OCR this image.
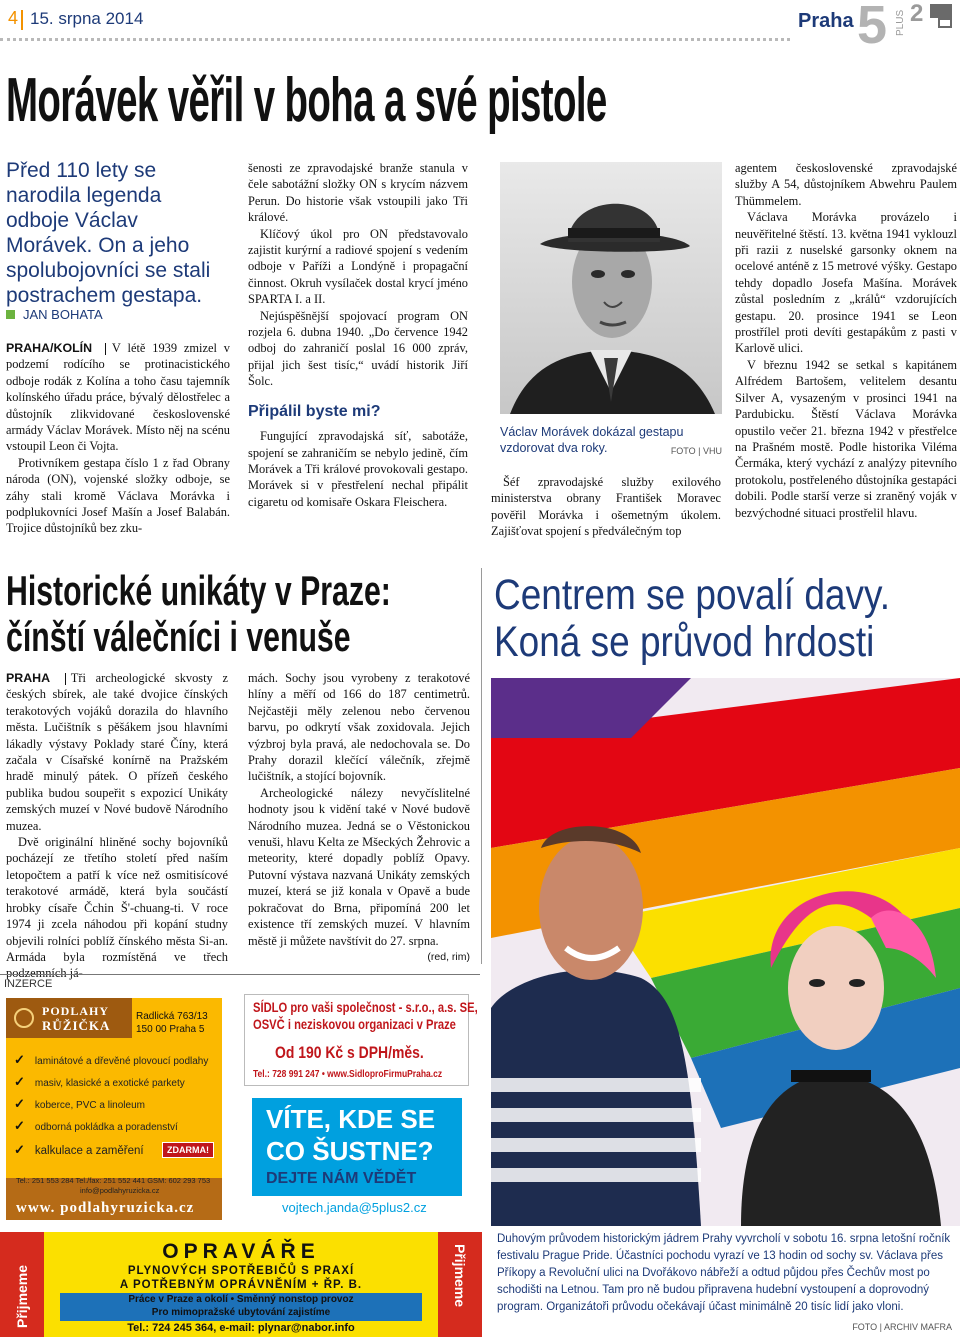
4 15. srpna 2014	Praha 5 PLUS 2
Morávek věřil v boha a své pistole
Před 110 lety se narodila legenda odboje Václav Morávek. On a jeho spolubojovníci se stali postrachem gestapa.
JAN BOHATA

PRAHA/KOLÍN V létě 1939 zmizel v podzemí rodícího se protinacistického odboje rodák z Kolína a toho času tajemník kolínského úřadu práce, bývalý dělostřelec a důstojník zlikvidované československé armády Václav Morávek. Místo něj na scénu vstoupil Leon či Vojta.

Protivníkem gestapa číslo 1 z řad Obrany národa (ON), vojenské složky odboje, se záhy stali kromě Václava Morávka i podplukovníci Josef Mašín a Josef Balabán. Trojice důstojníků bez zku-

šenosti ze zpravodajské branže stanula v čele sabotážní složky ON s krycím názvem Perun. Do historie však vstoupili jako Tři králové.

Klíčový úkol pro ON představovalo zajistit kurýrní a radiové spojení s vedením odboje v Paříži a Londýně i propagační činnost. Okruh vysílaček dostal krycí jméno SPARTA I. a II.

Nejúspěšnější spojovací program ON rozjela 6. dubna 1940. „Do července 1942 odboj do zahraničí poslal 16 000 zpráv, přijal jich šest tisíc,“ uvádí historik Jiří Šolc.

Připálil byste mi?

Fungující zpravodajská síť, sabotáže, spojení se zahraničím se nebylo jedině, čím Morávek a Tři králové provokovali gestapo. Morávek si v přestřelení nechal připálit cigaretu od komisaře Oskara Fleischera.

Václav Morávek dokázal gestapu vzdorovat dva roky.	FOTO | VHU

Šéf zpravodajské služby exilového ministerstva obrany František Moravec pověřil Morávka i ošemetným úkolem. Zajišťovat spojení s předválečným top

agentem československé zpravodajské služby A 54, důstojníkem Abwehru Paulem Thümmelem.

Václava Morávka provázelo i neuvěřitelné štěstí. 13. května 1941 vyklouzl při razii z nuselské garsonky oknem na ocelové anténě z 15 metrové výšky. Gestapo tehdy dopadlo Josefa Mašína. Morávek zůstal posledním z „králů“ vzdorujících gestapu. 20. prosince 1941 se Leon prostřílel proti devíti gestapákům z pasti v Karlově ulici.

V březnu 1942 se setkal s kapitánem Alfrédem Bartošem, velitelem desantu Silver A, vysazeným v prosinci 1941 na Pardubicku. Štěstí Václava Morávka opustilo večer 21. března 1942 v přestřelce na Prašném mostě. Podle historika Viléma Čermáka, který vychází z analýzy pitevního protokolu, postřeleného důstojníka gestapáci dobili. Podle starší verze si zraněný voják v bezvýchodné situaci prostřelil hlavu.

Historické unikáty v Praze:
čínští válečníci i venuše

PRAHA Tři archeologické skvosty z českých sbírek, ale také dvojice čínských terakotových vojáků dorazila do hlavního města. Lučištník s pěšákem jsou hlavními lákadly výstavy Poklady staré Číny, která začala v Císařské konírně na Pražském hradě minulý pátek. O přízeň českého publika budou soupeřit s expozicí Unikáty zemských muzeí v Nové budově Národního muzea.

Dvě originální hliněné sochy bojovníků pocházejí ze třetího století před naším letopočtem a patří k více než osmitisícové terakotové armádě, která byla součástí hrobky císaře Čchin Š'-chuang-ti. V roce 1974 ji zcela náhodou při kopání studny objevili rolníci poblíž čínského města Si-an. Armáda byla rozmístěná ve třech podzemních já-

mách. Sochy jsou vyrobeny z terakotové hlíny a měří od 166 do 187 centimetrů. Nejčastěji měly zelenou nebo červenou barvu, po odkrytí však zoxidovala. Jejich výzbroj byla pravá, ale nedochovala se. Do Prahy dorazil klečící válečník, zřejmě lučištník, a stojící bojovník.

Archeologické nálezy nevyčíslitelné hodnoty jsou k vidění také v Nové budově Národního muzea. Jedná se o Věstonickou venuši, hlavu Kelta ze Mšeckých Žehrovic a meteority, které dopadly poblíž Opavy. Putovní výstava nazvaná Unikáty zemských muzeí, která se již konala v Opavě a bude pokračovat do Brna, připomíná 200 let existence tří zemských muzeí. V hlavním městě ji můžete navštívit do 27. srpna.
(red, rim)

Centrem se povalí davy.
Koná se průvod hrdosti
Duhovým průvodem historickým jádrem Prahy vyvrcholí v sobotu 16. srpna letošní ročník festivalu Prague Pride. Účastníci pochodu vyrazí ve 13 hodin od sochy sv. Václava přes Příkopy a Revoluční ulici na Dvořákovo nábřeží a odtud půjdou přes Čechův most po schodišti na Letnou. Tam pro ně budou připravena hudební vystoupení a doprovodný program. Organizátoři průvodu očekávají účast minimálně 20 tisíc lidí jako vloni.
FOTO | ARCHIV MAFRA
INZERCE
PODLAHY
RŮŽIČKA
Radlická 763/13
150 00 Praha 5
✓ laminátové a dřevěné plovoucí podlahy
✓ masiv, klasické a exotické parkety
✓ koberce, PVC a linoleum
✓ odborná pokládka a poradenství
✓ kalkulace a zaměření	ZDARMA!
Tel.: 251 553 284 Tel./fax: 251 552 441 GSM: 602 293 753
info@podlahyruzicka.cz
www. podlahyruzicka.cz
SÍDLO pro vaši společnost - s.r.o., a.s. SE,
OSVČ i neziskovou organizaci v Praze
Od 190 Kč s DPH/měs.
Tel.: 728 991 247 • www.SidloproFirmuPraha.cz
VÍTE, KDE SE
CO ŠUSTNE?
DEJTE NÁM VĚDĚT
vojtech.janda@5plus2.cz
Přijmeme	Přijmeme
OPRAVÁŘE
PLYNOVÝCH SPOTŘEBIČŮ S PRAXÍ
A POTŘEBNÝM OPRÁVNĚNÍM + ŘP. B.
Práce v Praze a okolí • Směnný nonstop provoz
Pro mimopražské ubytování zajistíme
Tel.: 724 245 364, e-mail: plynar@nabor.info
